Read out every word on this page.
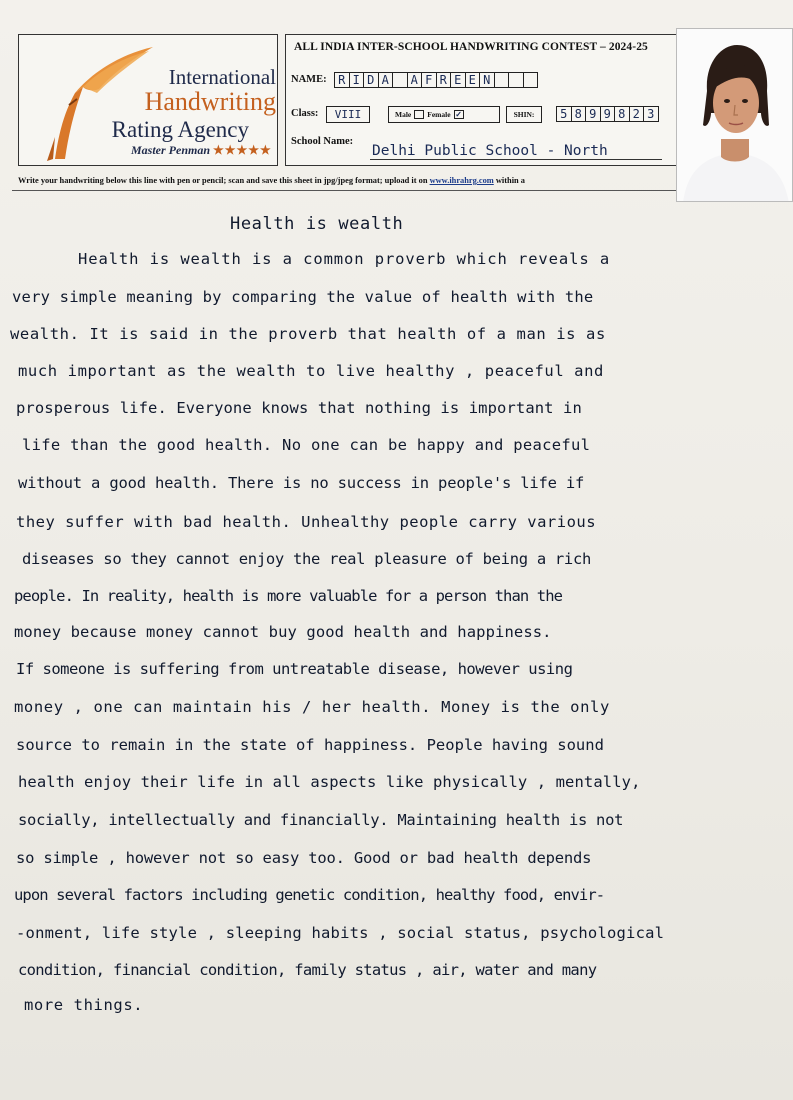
International
Handwriting
Rating Agency
Master Penman ★★★★★
ALL INDIA INTER-SCHOOL HANDWRITING CONTEST – 2024-25
NAME: R I D A	A F R E E N
Class:	VIII	Male Female ✓	SHIN:	5 8 9 9 8 2 3
School Name:
Delhi Public School - North
Write your handwriting below this line with pen or pencil; scan and save this sheet in jpg/jpeg format; upload it on www.ihrahrg.com within a
Health is wealth
Health is wealth is a common proverb which reveals a
very simple meaning by comparing the value of health with the
wealth. It is said in the proverb that health of a man is as
much important as the wealth to live healthy , peaceful and
prosperous life. Everyone knows that nothing is important in
life than the good health. No one can be happy and peaceful
without a good health. There is no success in people's life if
they suffer with bad health. Unhealthy people carry various
diseases so they cannot enjoy the real pleasure of being a rich
people. In reality, health is more valuable for a person than the
money because money cannot buy good health and happiness.
If someone is suffering from untreatable disease, however using
money , one can maintain his / her health. Money is the only
source to remain in the state of happiness. People having sound
health enjoy their life in all aspects like physically , mentally,
socially, intellectually and financially. Maintaining health is not
so simple , however not so easy too. Good or bad health depends
upon several factors including genetic condition, healthy food, envir-
-onment, life style , sleeping habits , social status, psychological
condition, financial condition, family status , air, water and many
more things.
